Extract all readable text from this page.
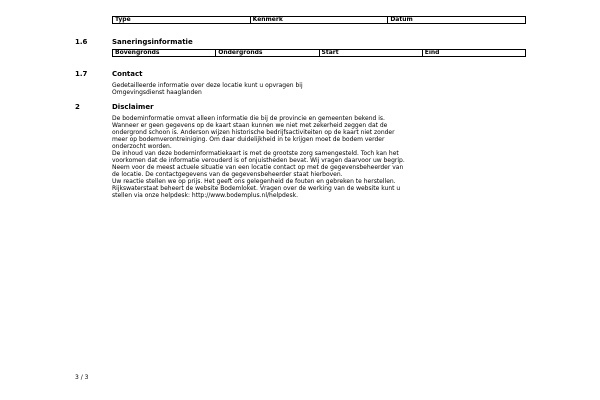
Type	Kenmerk	Datum
1.6	Saneringsinformatie
Bovengronds	Ondergronds	Start	Eind
1.7	Contact

Gedetailleerde informatie over deze locatie kunt u opvragen bij

Omgevingsdienst haaglanden

2	Disclaimer

De bodeminformatie omvat alleen informatie die bij de provincie en gemeenten bekend is.

Wanneer er geen gegevens op de kaart staan kunnen we niet met zekerheid zeggen dat de

ondergrond schoon is. Anderson wijzen historische bedrijfsactiviteiten op de kaart niet zonder

meer op bodemverontreiniging. Om daar duidelijkheid in te krijgen moet de bodem verder

onderzocht worden.

De inhoud van deze bodeminformatiekaart is met de grootste zorg samengesteld. Toch kan het

voorkomen dat de informatie verouderd is of onjuistheden bevat. Wij vragen daarvoor uw begrip.

Neem voor de meest actuele situatie van een locatie contact op met de gegevensbeheerder van

de locatie. De contactgegevens van de gegevensbeheerder staat hierboven.

Uw reactie stellen we op prijs. Het geeft ons gelegenheid de fouten en gebreken te herstellen.

Rijkswaterstaat beheert de website Bodemloket. Vragen over de werking van de website kunt u

stellen via onze helpdesk: http://www.bodemplus.nl/helpdesk.

3 / 3
